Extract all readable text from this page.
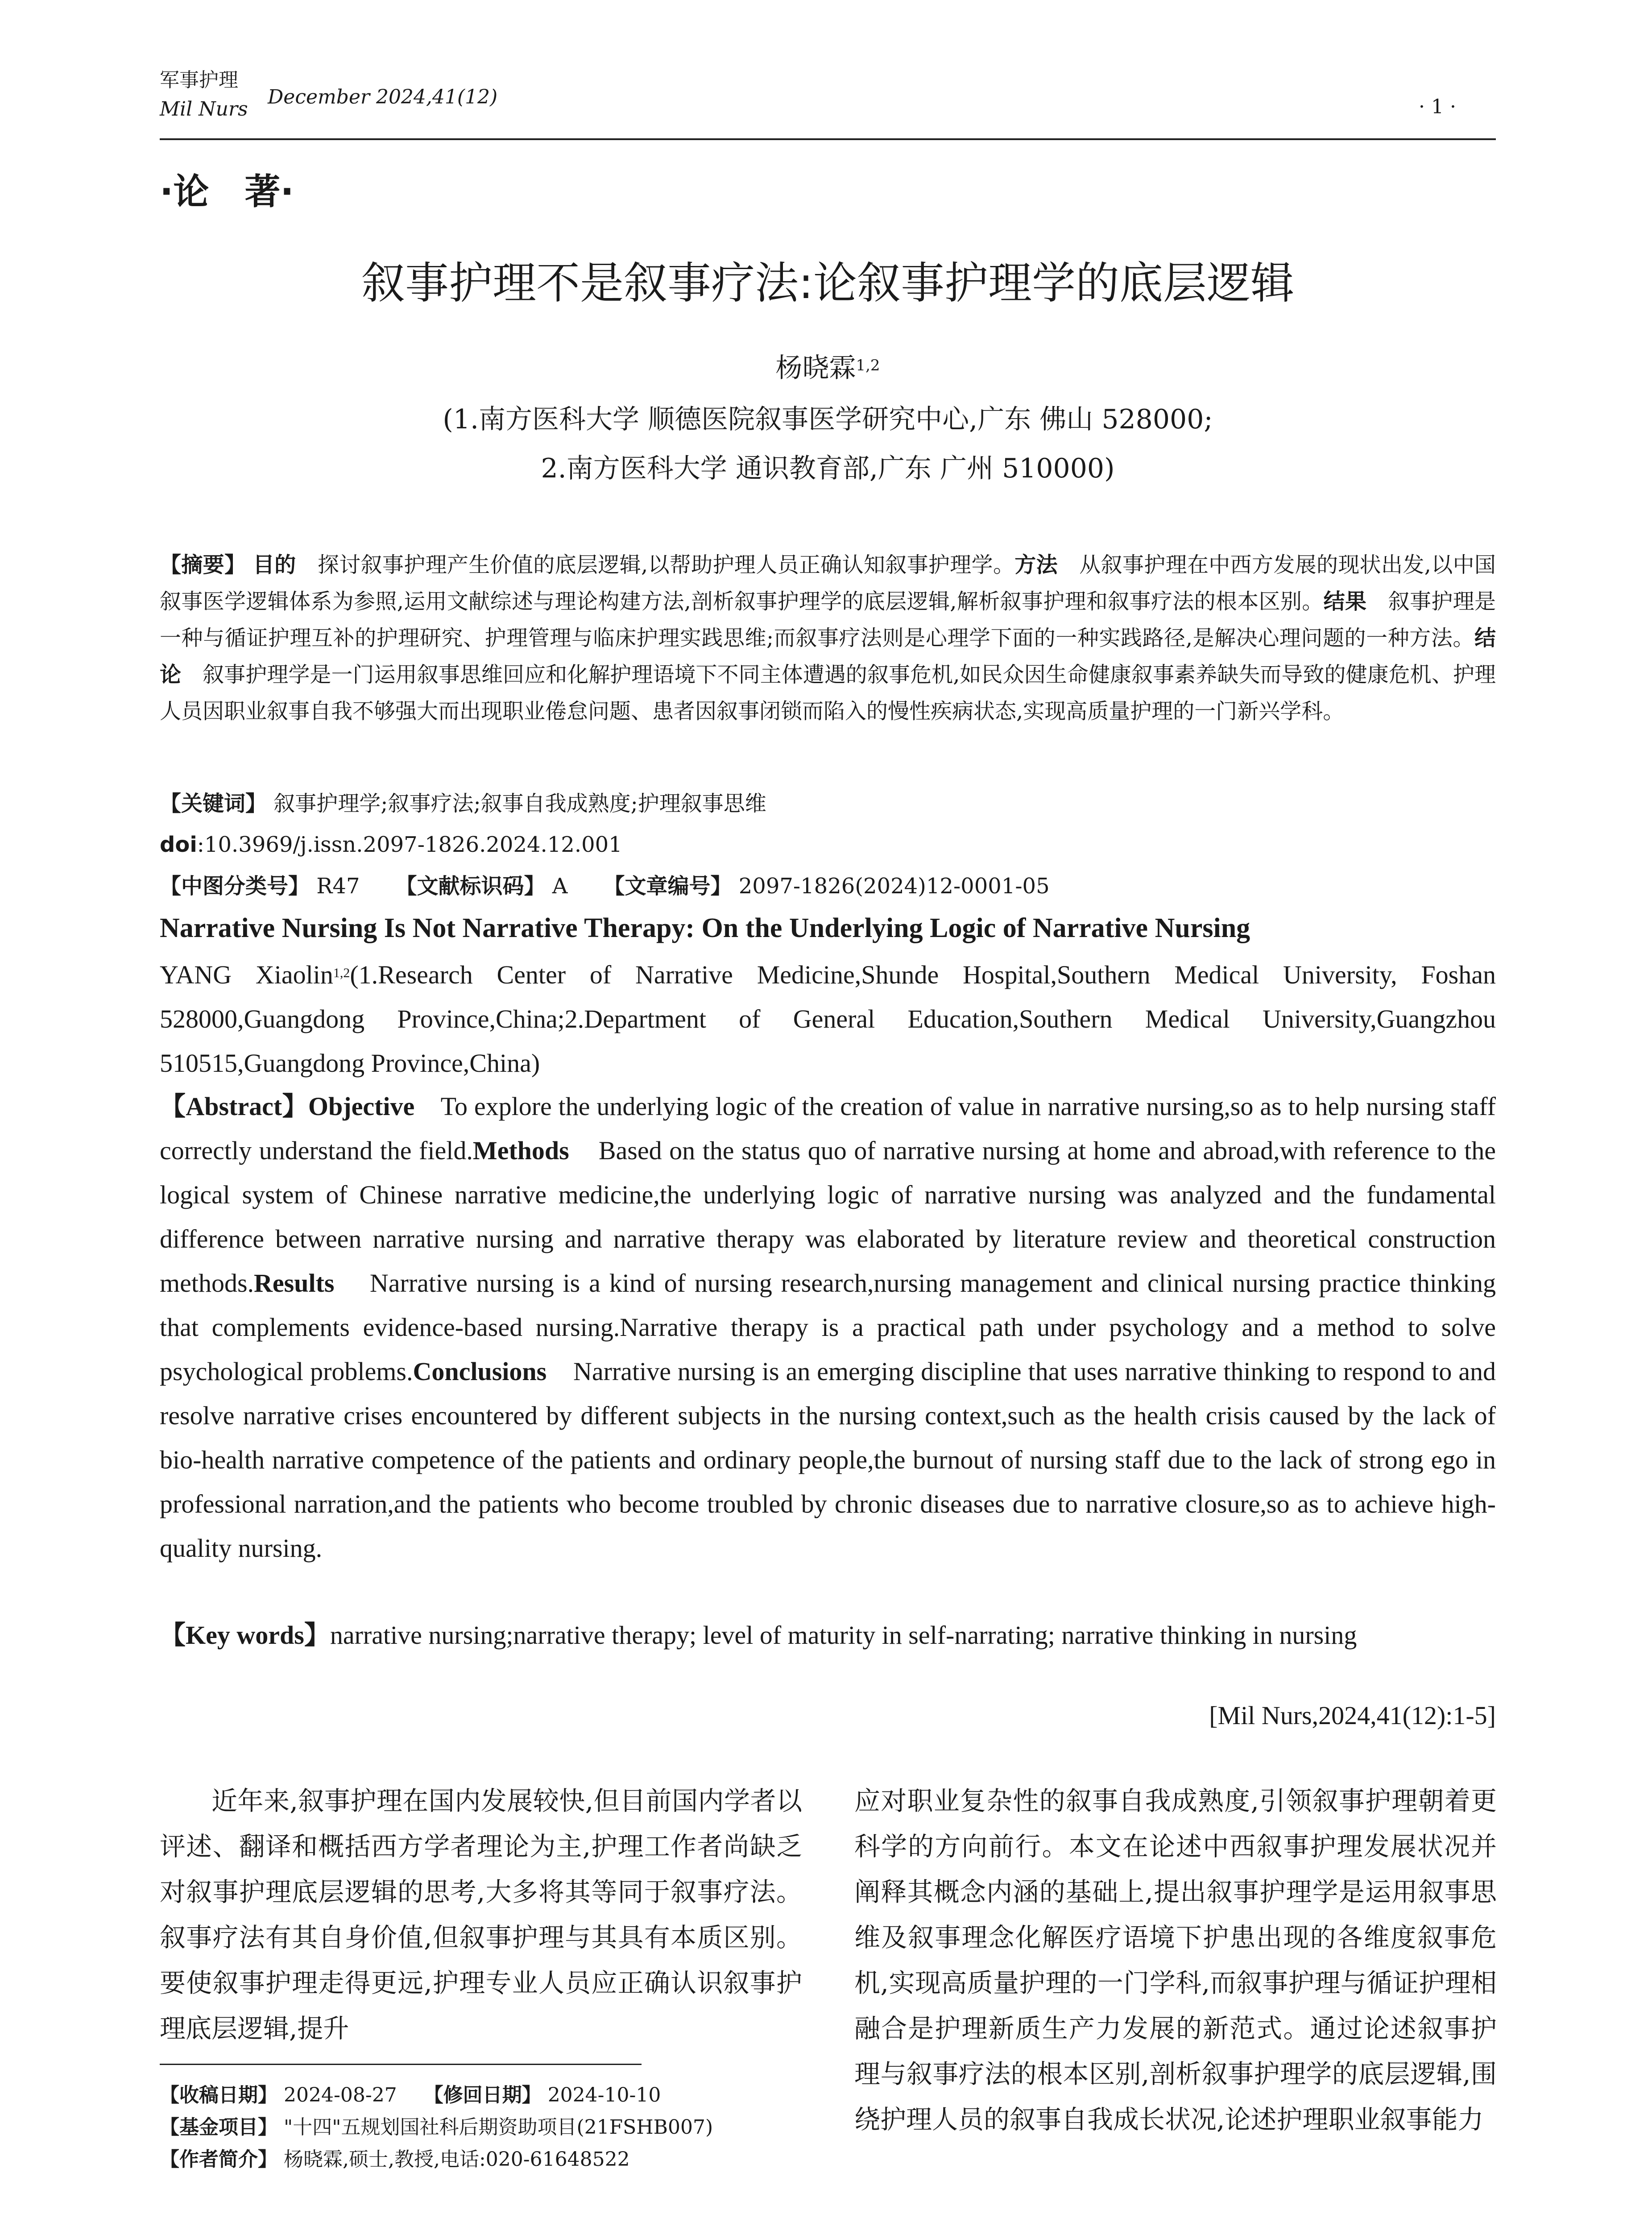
军事护理
Mil Nurs
December 2024,41(12)	· 1 ·
·论　著·
叙事护理不是叙事疗法:论叙事护理学的底层逻辑
杨晓霖$^{1,2}$
(1.南方医科大学 顺德医院叙事医学研究中心,广东 佛山 528000;
2.南方医科大学 通识教育部,广东 广州 510000)
【摘要】 目的　 探讨叙事护理产生价值的底层逻辑,以帮助护理人员正确认知叙事护理学。方法　 从叙事护理在中西方发展的现状出发,以中国叙事医学逻辑体系为参照,运用文献综述与理论构建方法,剖析叙事护理学的底层逻辑,解析叙事护理和叙事疗法的根本区别。结果　 叙事护理是一种与循证护理互补的护理研究、护理管理与临床护理实践思维;而叙事疗法则是心理学下面的一种实践路径,是解决心理问题的一种方法。结论　 叙事护理学是一门运用叙事思维回应和化解护理语境下不同主体遭遇的叙事危机,如民众因生命健康叙事素养缺失而导致的健康危机、护理人员因职业叙事自我不够强大而出现职业倦怠问题、患者因叙事闭锁而陷入的慢性疾病状态,实现高质量护理的一门新兴学科。
【关键词】 叙事护理学;叙事疗法;叙事自我成熟度;护理叙事思维
doi:10.3969/j.issn.2097-1826.2024.12.001
【中图分类号】 R47 【文献标识码】 A 【文章编号】 2097-1826(2024)12-0001-05
Narrative Nursing Is Not Narrative Therapy: On the Underlying Logic of Narrative Nursing
YANG Xiaolin$^{1,2}$(1.Research Center of Narrative Medicine,Shunde Hospital,Southern Medical University, Foshan 528000,Guangdong Province,China;2.Department of General Education,Southern Medical University,Guangzhou 510515,Guangdong Province,China)
【Abstract】Objective To explore the underlying logic of the creation of value in narrative nursing,so as to help nursing staff correctly understand the field.Methods Based on the status quo of narrative nursing at home and abroad,with reference to the logical system of Chinese narrative medicine,the underlying logic of narrative nursing was analyzed and the fundamental difference between narrative nursing and narrative therapy was elaborated by literature review and theoretical construction methods.Results Narrative nursing is a kind of nursing research,nursing management and clinical nursing practice thinking that complements evidence-based nursing.Narrative therapy is a practical path under psychology and a method to solve psychological problems.Conclusions Narrative nursing is an emerging discipline that uses narrative thinking to respond to and resolve narrative crises encountered by different subjects in the nursing context,such as the health crisis caused by the lack of bio-health narrative competence of the patients and ordinary people,the burnout of nursing staff due to the lack of strong ego in professional narration,and the patients who become troubled by chronic diseases due to narrative closure,so as to achieve high-quality nursing.
【Key words】narrative nursing;narrative therapy; level of maturity in self-narrating; narrative thinking in nursing
[Mil Nurs,2024,41(12):1-5]
近年来,叙事护理在国内发展较快,但目前国内学者以评述、翻译和概括西方学者理论为主,护理工作者尚缺乏对叙事护理底层逻辑的思考,大多将其等同于叙事疗法。叙事疗法有其自身价值,但叙事护理与其具有本质区别。要使叙事护理走得更远,护理专业人员应正确认识叙事护理底层逻辑,提升
应对职业复杂性的叙事自我成熟度,引领叙事护理朝着更科学的方向前行。本文在论述中西叙事护理发展状况并阐释其概念内涵的基础上,提出叙事护理学是运用叙事思维及叙事理念化解医疗语境下护患出现的各维度叙事危机,实现高质量护理的一门学科,而叙事护理与循证护理相融合是护理新质生产力发展的新范式。通过论述叙事护理与叙事疗法的根本区别,剖析叙事护理学的底层逻辑,围绕护理人员的叙事自我成长状况,论述护理职业叙事能力
【收稿日期】 2024-08-27 【修回日期】 2024-10-10
【基金项目】 "十四"五规划国社科后期资助项目(21FSHB007)
【作者简介】 杨晓霖,硕士,教授,电话:020-61648522
